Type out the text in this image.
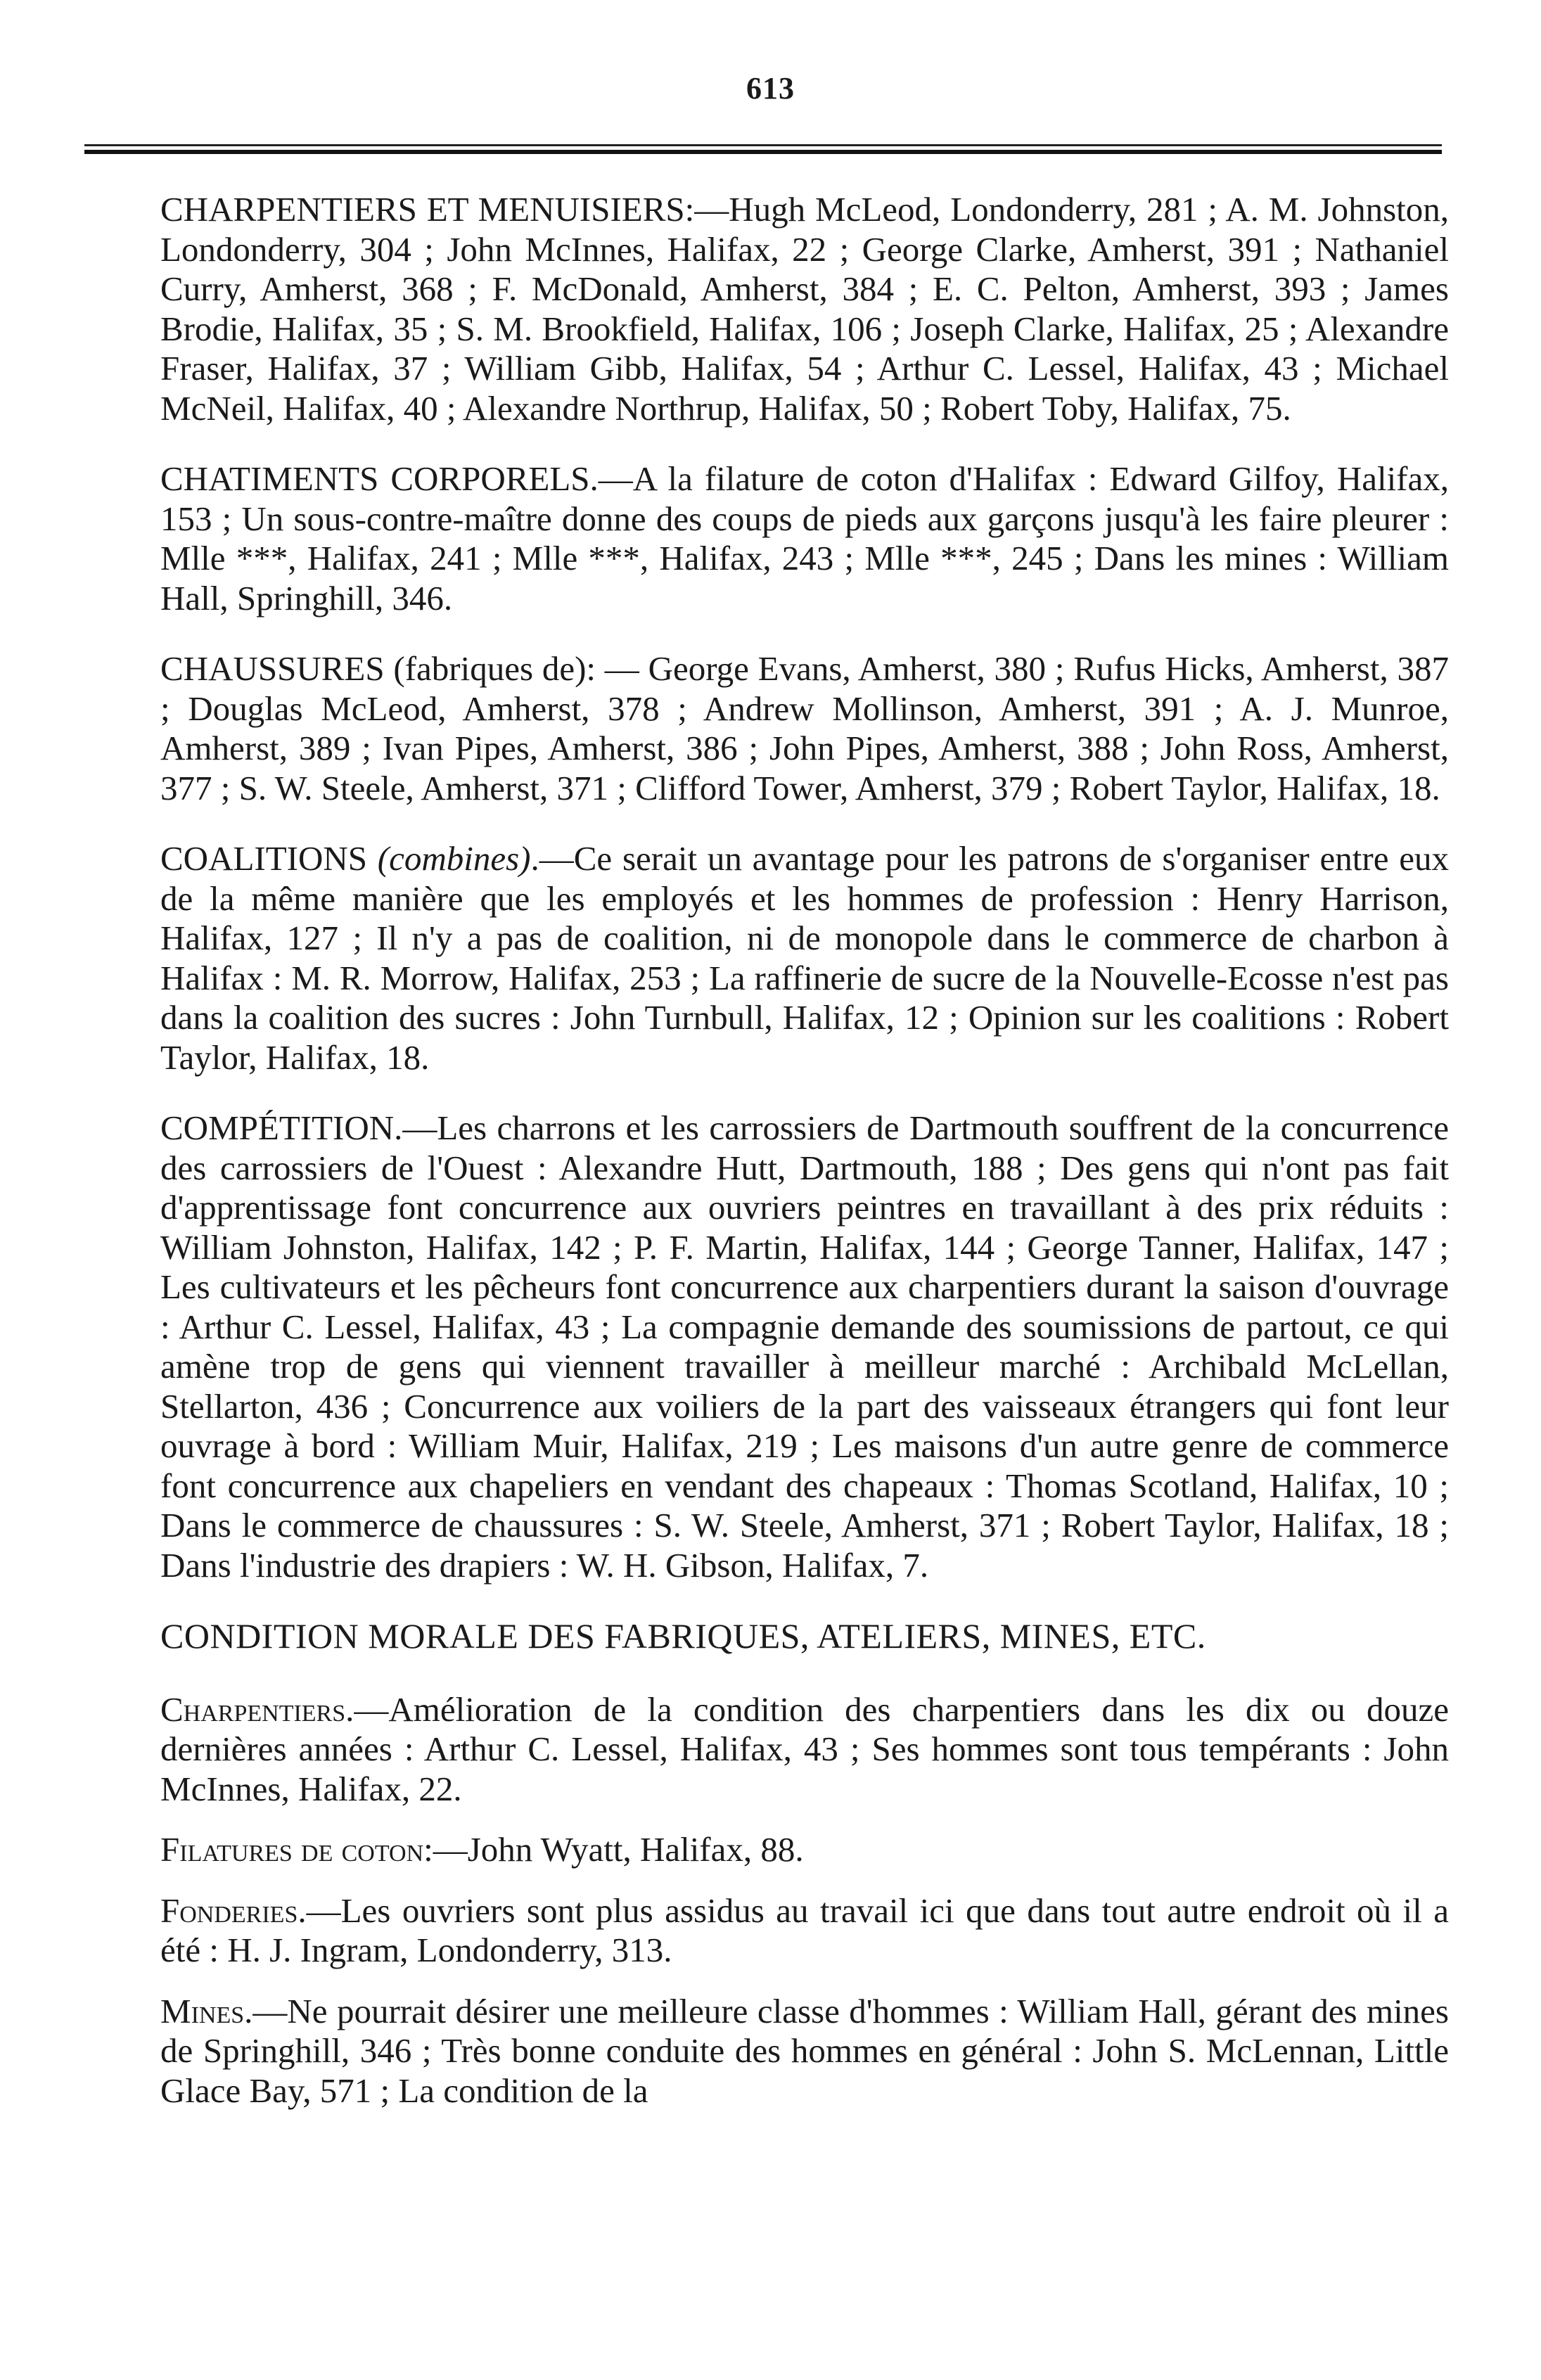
613

CHARPENTIERS ET MENUISIERS:—Hugh McLeod, Londonderry, 281 ; A. M. Johnston, Londonderry, 304 ; John McInnes, Halifax, 22 ; George Clarke, Amherst, 391 ; Nathaniel Curry, Amherst, 368 ; F. McDonald, Amherst, 384 ; E. C. Pelton, Amherst, 393 ; James Brodie, Halifax, 35 ; S. M. Brookfield, Halifax, 106 ; Joseph Clarke, Halifax, 25 ; Alexandre Fraser, Halifax, 37 ; William Gibb, Halifax, 54 ; Arthur C. Lessel, Halifax, 43 ; Michael McNeil, Halifax, 40 ; Alexandre Northrup, Halifax, 50 ; Robert Toby, Halifax, 75.

CHATIMENTS CORPORELS.—A la filature de coton d'Halifax : Edward Gilfoy, Halifax, 153 ; Un sous-contre-maître donne des coups de pieds aux garçons jusqu'à les faire pleurer : Mlle ***, Halifax, 241 ; Mlle ***, Halifax, 243 ; Mlle ***, 245 ; Dans les mines : William Hall, Springhill, 346.

CHAUSSURES (fabriques de): — George Evans, Amherst, 380 ; Rufus Hicks, Amherst, 387 ; Douglas McLeod, Amherst, 378 ; Andrew Mollinson, Amherst, 391 ; A. J. Munroe, Amherst, 389 ; Ivan Pipes, Amherst, 386 ; John Pipes, Amherst, 388 ; John Ross, Amherst, 377 ; S. W. Steele, Amherst, 371 ; Clifford Tower, Amherst, 379 ; Robert Taylor, Halifax, 18.

COALITIONS (combines).—Ce serait un avantage pour les patrons de s'organiser entre eux de la même manière que les employés et les hommes de profession : Henry Harrison, Halifax, 127 ; Il n'y a pas de coalition, ni de monopole dans le commerce de charbon à Halifax : M. R. Morrow, Halifax, 253 ; La raffinerie de sucre de la Nouvelle-Ecosse n'est pas dans la coalition des sucres : John Turnbull, Halifax, 12 ; Opinion sur les coalitions : Robert Taylor, Halifax, 18.

COMPÉTITION.—Les charrons et les carrossiers de Dartmouth souffrent de la concurrence des carrossiers de l'Ouest : Alexandre Hutt, Dartmouth, 188 ; Des gens qui n'ont pas fait d'apprentissage font concurrence aux ouvriers peintres en travaillant à des prix réduits : William Johnston, Halifax, 142 ; P. F. Martin, Halifax, 144 ; George Tanner, Halifax, 147 ; Les cultivateurs et les pêcheurs font concurrence aux charpentiers durant la saison d'ouvrage : Arthur C. Lessel, Halifax, 43 ; La compagnie demande des soumissions de partout, ce qui amène trop de gens qui viennent travailler à meilleur marché : Archibald McLellan, Stellarton, 436 ; Concurrence aux voiliers de la part des vaisseaux étrangers qui font leur ouvrage à bord : William Muir, Halifax, 219 ; Les maisons d'un autre genre de commerce font concurrence aux chapeliers en vendant des chapeaux : Thomas Scotland, Halifax, 10 ; Dans le commerce de chaussures : S. W. Steele, Amherst, 371 ; Robert Taylor, Halifax, 18 ; Dans l'industrie des drapiers : W. H. Gibson, Halifax, 7.

CONDITION MORALE DES FABRIQUES, ATELIERS, MINES, ETC.

Charpentiers.—Amélioration de la condition des charpentiers dans les dix ou douze dernières années : Arthur C. Lessel, Halifax, 43 ; Ses hommes sont tous tempérants : John McInnes, Halifax, 22.

Filatures de coton:—John Wyatt, Halifax, 88.

Fonderies.—Les ouvriers sont plus assidus au travail ici que dans tout autre endroit où il a été : H. J. Ingram, Londonderry, 313.

Mines.—Ne pourrait désirer une meilleure classe d'hommes : William Hall, gérant des mines de Springhill, 346 ; Très bonne conduite des hommes en général : John S. McLennan, Little Glace Bay, 571 ; La condition de la
